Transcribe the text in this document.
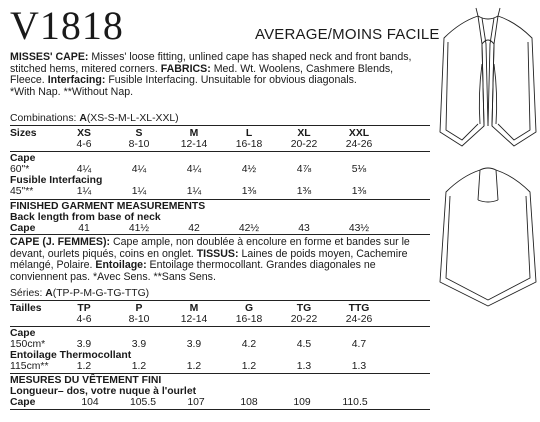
V1818	AVERAGE/MOINS FACILE
MISSES' CAPE: Misses' loose fitting, unlined cape has shaped neck and front bands, stitched hems, mitered corners. FABRICS: Med. Wt. Woolens, Cashmere Blends, Fleece. Interfacing: Fusible Interfacing. Unsuitable for obvious diagonals.
*With Nap. **Without Nap.
Combinations: A(XS-S-M-L-XL-XXL)
Sizes	XS	S	M	L	XL	XXL
4-6	8-10	12-14	16-18	20-22	24-26
Cape
60"*	4¼	4¼	4¼	4½	4⅞	5⅛
Fusible Interfacing
45"**	1¼	1¼	1¼	1⅜	1⅜	1⅜
FINISHED GARMENT MEASUREMENTS
Back length from base of neck
Cape	41	41½	42	42½	43	43½
CAPE (J. FEMMES): Cape ample, non doublée à encolure en forme et bandes sur le devant, ourlets piqués, coins en onglet. TISSUS: Laines de poids moyen, Cachemire mélangé, Polaire. Entoilage: Entoilage thermocollant. Grandes diagonales ne conviennent pas. *Avec Sens. **Sans Sens.
Séries: A(TP-P-M-G-TG-TTG)
Tailles	TP	P	M	G	TG	TTG
4-6	8-10	12-14	16-18	20-22	24-26
Cape
150cm*	3.9	3.9	3.9	4.2	4.5	4.7
Entoilage Thermocollant
115cm**	1.2	1.2	1.2	1.2	1.3	1.3
MESURES DU VÊTEMENT FINI
Longueur– dos, votre nuque à l'ourlet
Cape	104	105.5	107	108	109	110.5
